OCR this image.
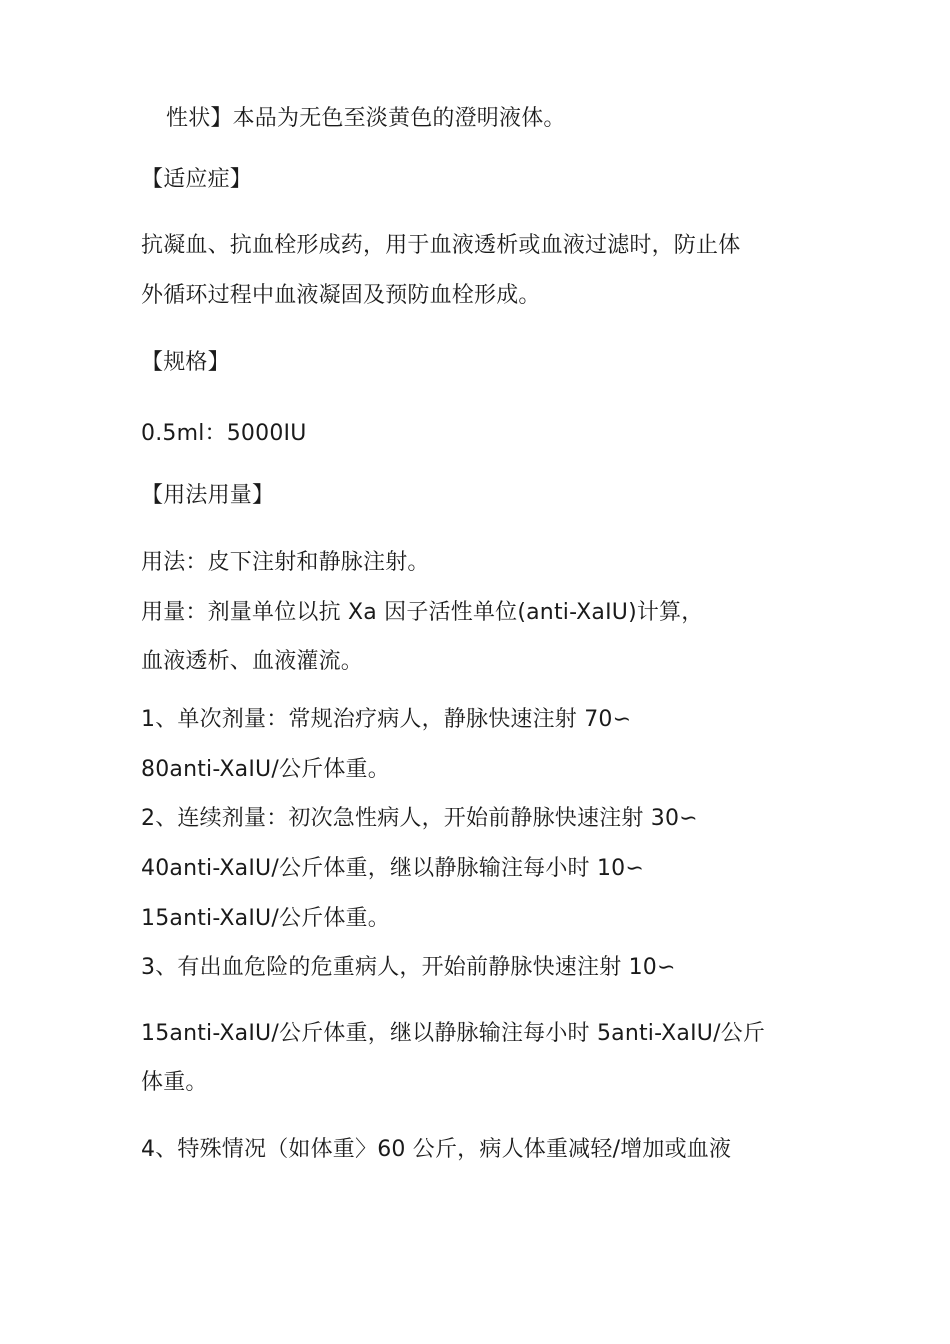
性状】本品为无色至淡黄色的澄明液体。
【适应症】
抗凝血、抗血栓形成药，用于血液透析或血液过滤时，防止体
外循环过程中血液凝固及预防血栓形成。
【规格】
0.5ml：5000IU
【用法用量】
用法：皮下注射和静脉注射。
用量：剂量单位以抗 Xa 因子活性单位(anti-XaIU)计算，
血液透析、血液灌流。
1、单次剂量：常规治疗病人，静脉快速注射 70∽
80anti-XaIU/公斤体重。
2、连续剂量：初次急性病人，开始前静脉快速注射 30∽
40anti-XaIU/公斤体重，继以静脉输注每小时 10∽
15anti-XaIU/公斤体重。
3、有出血危险的危重病人，开始前静脉快速注射 10∽
15anti-XaIU/公斤体重，继以静脉输注每小时 5anti-XaIU/公斤
体重。
4、特殊情况（如体重〉60 公斤，病人体重减轻/增加或血液
